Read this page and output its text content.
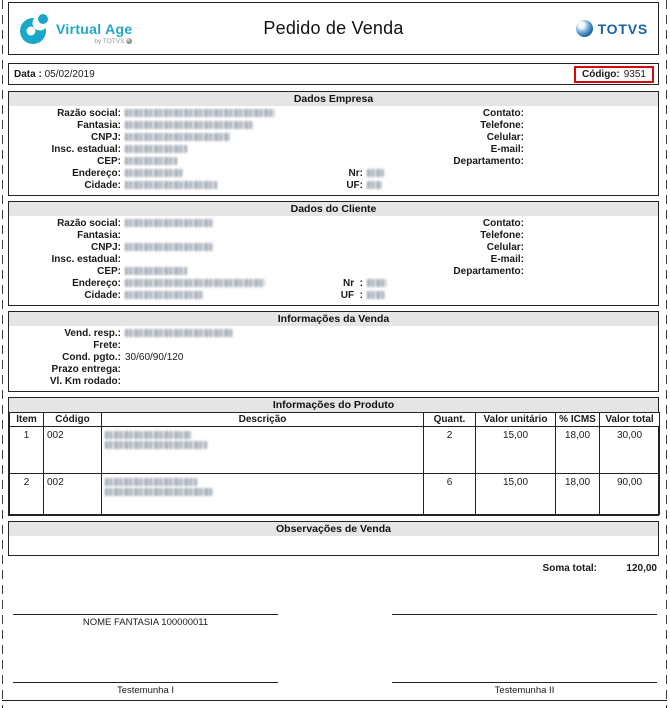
Virtual Age
by TOTVS
Pedido de Venda	TOTVS
Data : 05/02/2019	Código: 9351
Dados Empresa
Razão social:
Fantasia:
CNPJ:
Insc. estadual:
CEP:
Endereço:	Nr:
Cidade:	UF:
Contato:
Telefone:
Celular:
E-mail:
Departamento:
Dados do Cliente
Razão social:
Fantasia:
CNPJ:
Insc. estadual:
CEP:
Endereço:	Nr  :
Cidade:	UF  :
Contato:
Telefone:
Celular:
E-mail:
Departamento:
Informações da Venda
Vend. resp.:
Frete:
Cond. pgto.: 30/60/90/120
Prazo entrega:
Vl. Km rodado:
Informações do Produto
Item	Código	Descrição	Quant.	Valor unitário	% ICMS	Valor total
1	002		2	15,00	18,00	30,00
2	002		6	15,00	18,00	90,00
Observações de Venda
Soma total:	120,00
NOME FANTASIA 100000011
Testemunha I	Testemunha II
